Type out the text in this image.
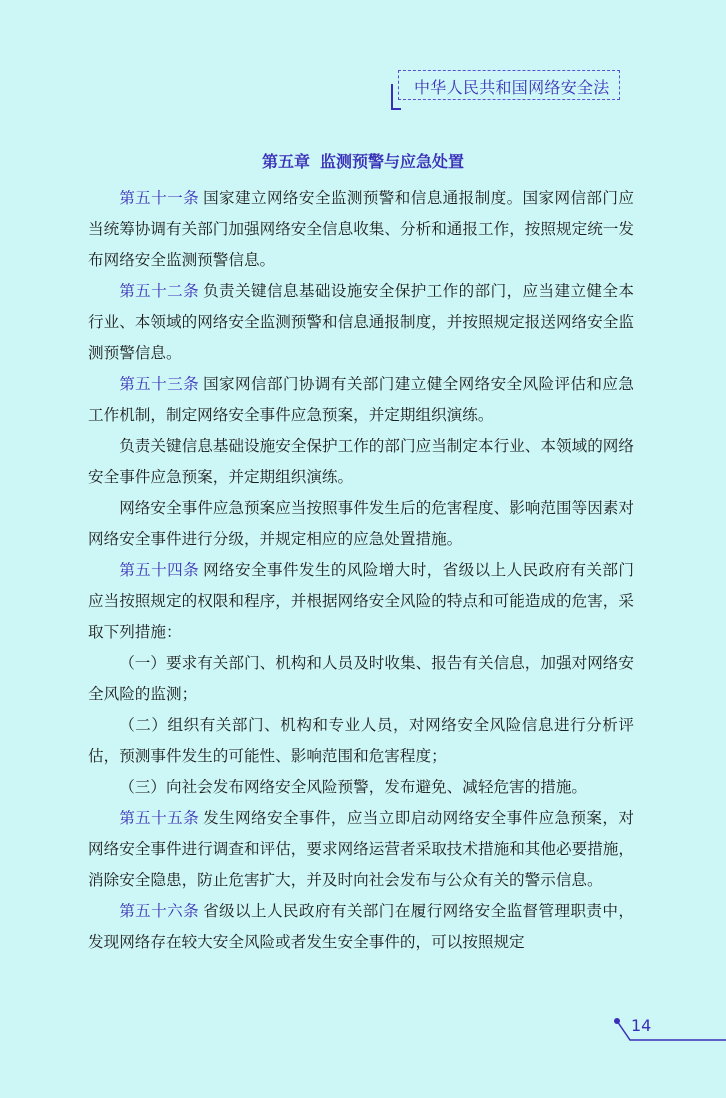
中华人民共和国网络安全法
第五章 监测预警与应急处置

第五十一条 国家建立网络安全监测预警和信息通报制度。国家网信部门应当统筹协调有关部门加强网络安全信息收集、分析和通报工作，按照规定统一发布网络安全监测预警信息。

第五十二条 负责关键信息基础设施安全保护工作的部门，应当建立健全本行业、本领域的网络安全监测预警和信息通报制度，并按照规定报送网络安全监测预警信息。

第五十三条 国家网信部门协调有关部门建立健全网络安全风险评估和应急工作机制，制定网络安全事件应急预案，并定期组织演练。

负责关键信息基础设施安全保护工作的部门应当制定本行业、本领域的网络安全事件应急预案，并定期组织演练。

网络安全事件应急预案应当按照事件发生后的危害程度、影响范围等因素对网络安全事件进行分级，并规定相应的应急处置措施。

第五十四条 网络安全事件发生的风险增大时，省级以上人民政府有关部门应当按照规定的权限和程序，并根据网络安全风险的特点和可能造成的危害，采取下列措施：

（一）要求有关部门、机构和人员及时收集、报告有关信息，加强对网络安全风险的监测；

（二）组织有关部门、机构和专业人员，对网络安全风险信息进行分析评估，预测事件发生的可能性、影响范围和危害程度；

（三）向社会发布网络安全风险预警，发布避免、减轻危害的措施。

第五十五条 发生网络安全事件，应当立即启动网络安全事件应急预案，对网络安全事件进行调查和评估，要求网络运营者采取技术措施和其他必要措施，消除安全隐患，防止危害扩大，并及时向社会发布与公众有关的警示信息。

第五十六条 省级以上人民政府有关部门在履行网络安全监督管理职责中，发现网络存在较大安全风险或者发生安全事件的，可以按照规定

14
